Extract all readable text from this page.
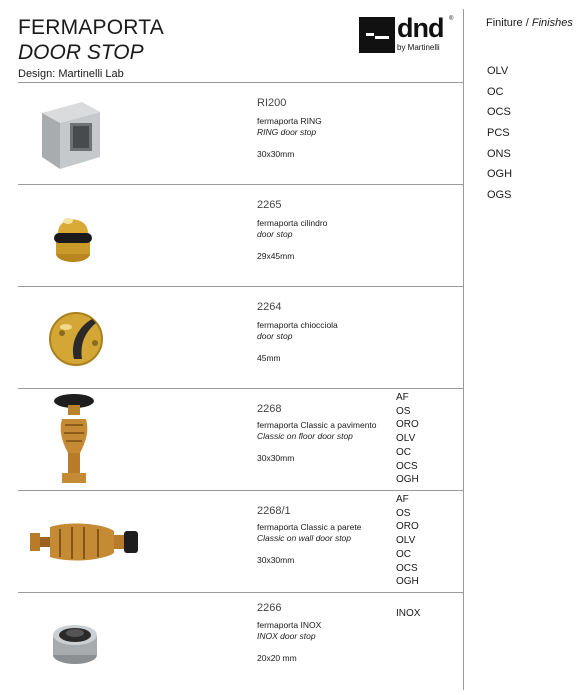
FERMAPORTA
DOOR STOP
Design: Martinelli Lab
dnd ®
by Martinelli
Finiture / Finishes
OLV
OC
OCS
PCS
ONS
OGH
OGS
RI200
fermaporta RING
RING door stop
30x30mm
2265
fermaporta cilindro
door stop
29x45mm
2264
fermaporta chiocciola
door stop
45mm
2268
fermaporta Classic a pavimento
Classic on floor door stop
30x30mm
AF
OS
ORO
OLV
OC
OCS
OGH
2268/1
fermaporta Classic a parete
Classic on wall door stop
30x30mm
AF
OS
ORO
OLV
OC
OCS
OGH
2266
fermaporta INOX
INOX door stop
20x20 mm
INOX
